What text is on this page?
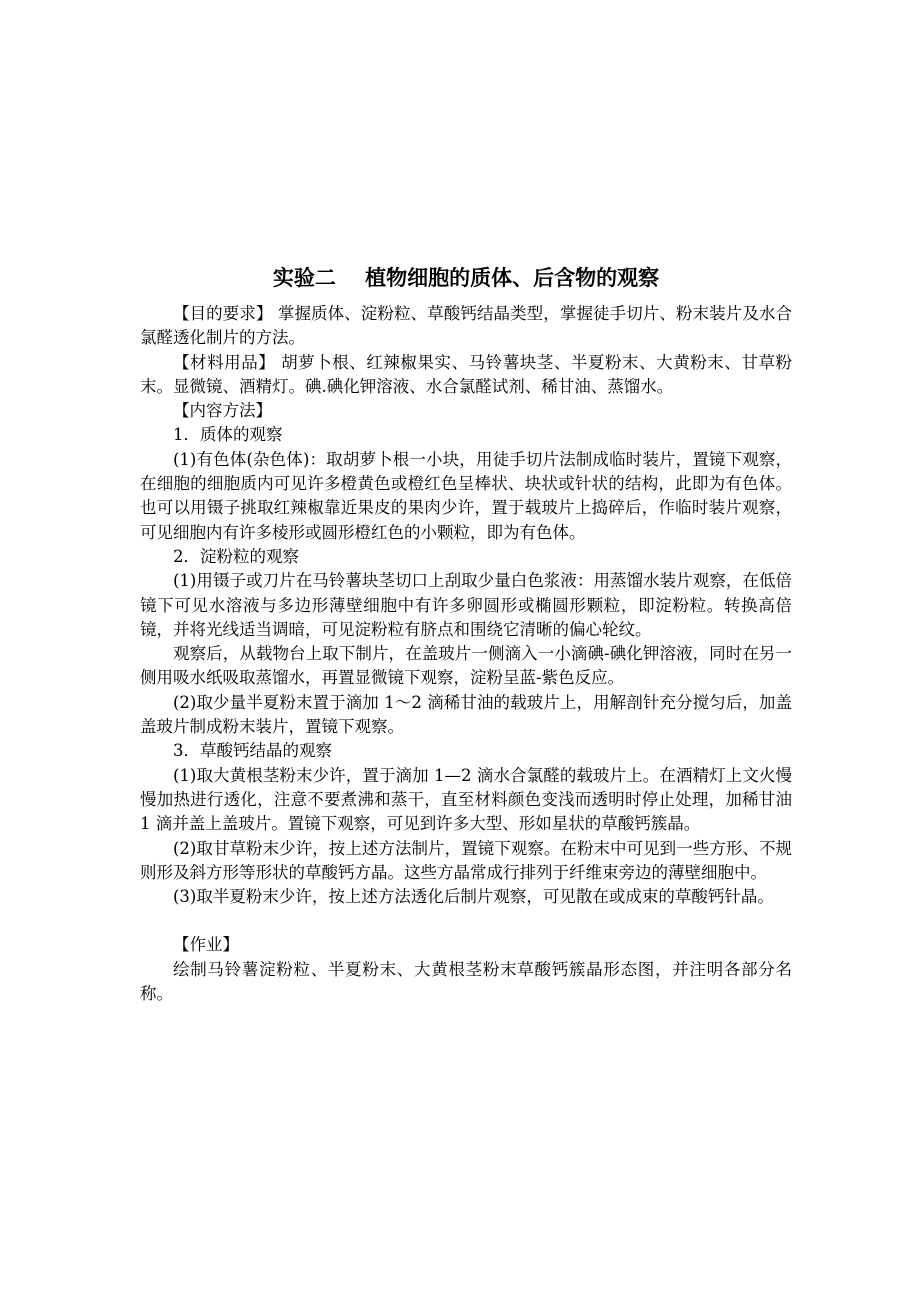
实验二    植物细胞的质体、后含物的观察

【目的要求】 掌握质体、淀粉粒、草酸钙结晶类型，掌握徒手切片、粉末装片及水合氯醛透化制片的方法。

【材料用品】 胡萝卜根、红辣椒果实、马铃薯块茎、半夏粉末、大黄粉末、甘草粉末。显微镜、酒精灯。碘.碘化钾溶液、水合氯醛试剂、稀甘油、蒸馏水。

【内容方法】

1．质体的观察

(1)有色体(杂色体)：取胡萝卜根一小块，用徒手切片法制成临时装片，置镜下观察，在细胞的细胞质内可见许多橙黄色或橙红色呈棒状、块状或针状的结构，此即为有色体。也可以用镊子挑取红辣椒靠近果皮的果肉少许，置于载玻片上捣碎后，作临时装片观察，可见细胞内有许多棱形或圆形橙红色的小颗粒，即为有色体。

2．淀粉粒的观察

(1)用镊子或刀片在马铃薯块茎切口上刮取少量白色浆液：用蒸馏水装片观察，在低倍镜下可见水溶液与多边形薄壁细胞中有许多卵圆形或椭圆形颗粒，即淀粉粒。转换高倍镜，并将光线适当调暗，可见淀粉粒有脐点和围绕它清晰的偏心轮纹。

观察后，从载物台上取下制片，在盖玻片一侧滴入一小滴碘-碘化钾溶液，同时在另一侧用吸水纸吸取蒸馏水，再置显微镜下观察，淀粉呈蓝-紫色反应。

(2)取少量半夏粉末置于滴加 1～2 滴稀甘油的载玻片上，用解剖针充分搅匀后，加盖盖玻片制成粉末装片，置镜下观察。

3．草酸钙结晶的观察

(1)取大黄根茎粉末少许，置于滴加 1—2 滴水合氯醛的载玻片上。在酒精灯上文火慢慢加热进行透化，注意不要煮沸和蒸干，直至材料颜色变浅而透明时停止处理，加稀甘油 1 滴并盖上盖玻片。置镜下观察，可见到许多大型、形如星状的草酸钙簇晶。

(2)取甘草粉末少许，按上述方法制片，置镜下观察。在粉末中可见到一些方形、不规则形及斜方形等形状的草酸钙方晶。这些方晶常成行排列于纤维束旁边的薄壁细胞中。

(3)取半夏粉末少许，按上述方法透化后制片观察，可见散在或成束的草酸钙针晶。

【作业】

绘制马铃薯淀粉粒、半夏粉末、大黄根茎粉末草酸钙簇晶形态图，并注明各部分名称。
